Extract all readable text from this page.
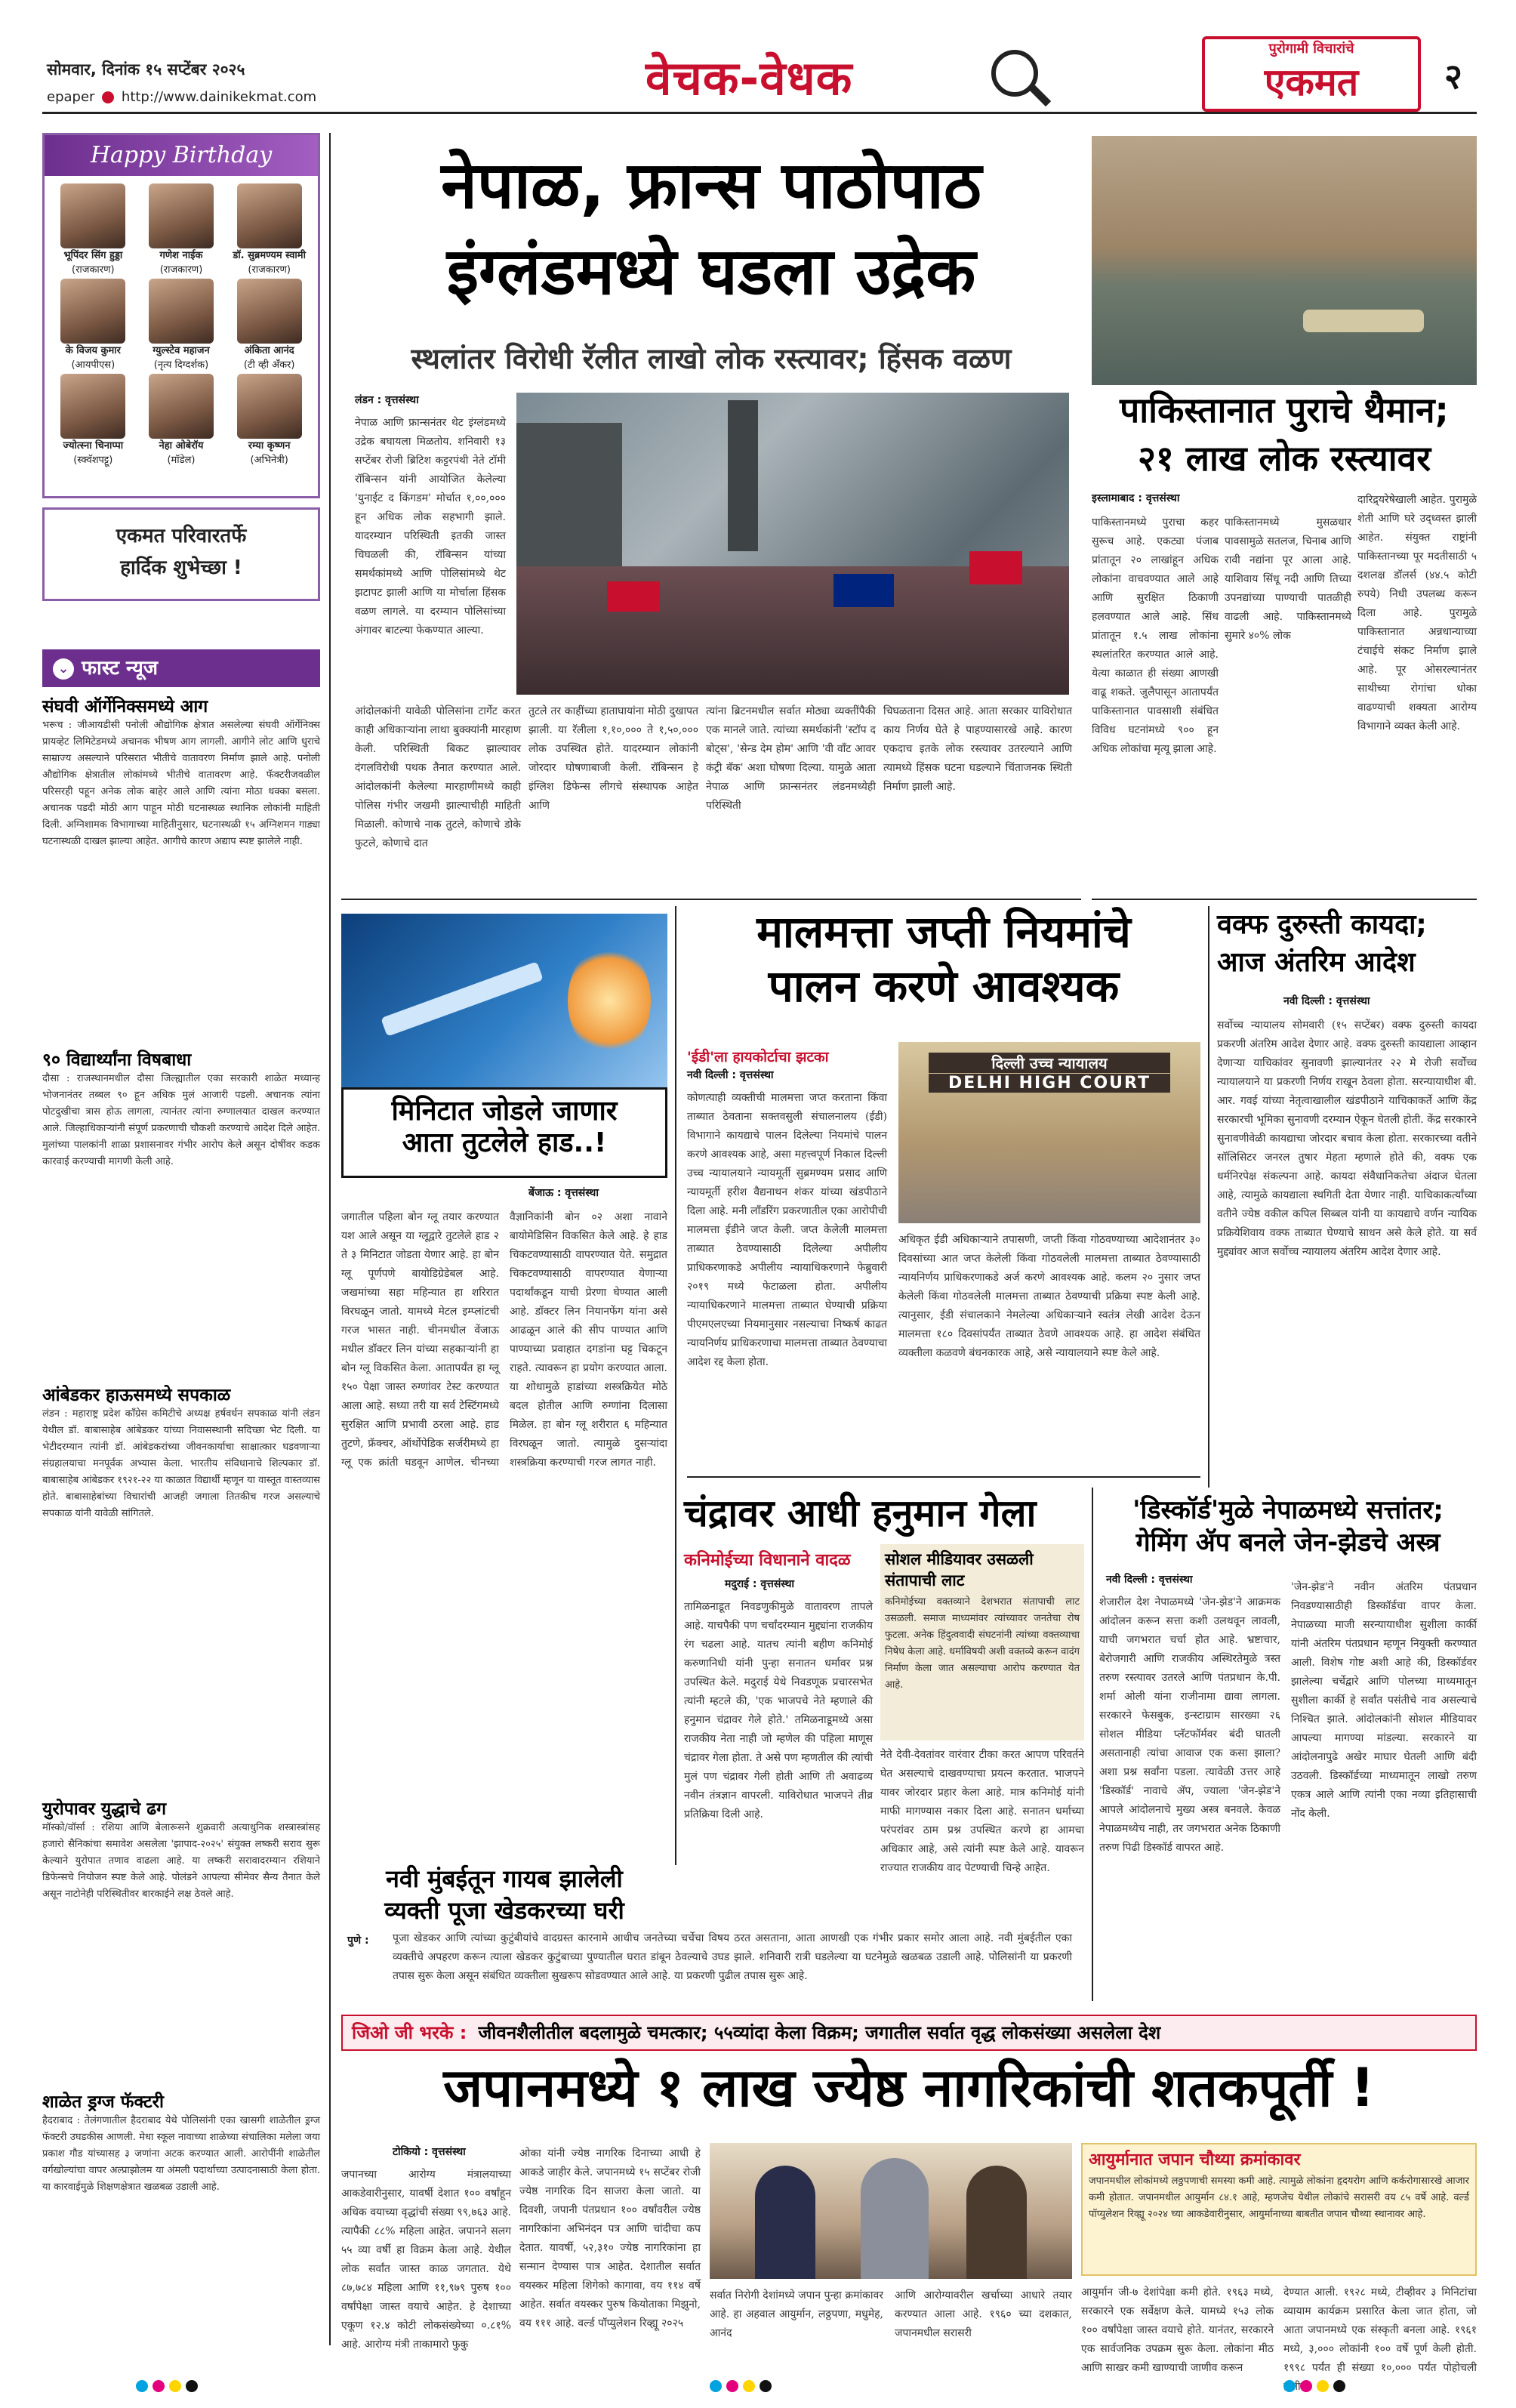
सोमवार, दिनांक १५ सप्टेंबर २०२५
epaper http://www.dainikekmat.com	वेचक-वेधक
पुरोगामी विचारांचे
एकमत	२
Happy Birthday
भूपिंदर सिंग हुड्डा
(राजकारण)
गणेश नाईक
(राजकारण)
डॉ. सुब्रमण्यम स्वामी
(राजकारण)
के विजय कुमार
(आयपीएस)
ग्युल्स्टेव महाजन
(नृत्य दिग्दर्शक)
अंकिता आनंद
(टी व्ही अँकर)
ज्योत्स्ना चिनाप्पा
(स्क्वॅशपट्टू)
नेहा ओबेरॉय
(मॉडेल)
रम्या कृष्णन
(अभिनेत्री)
एकमत परिवारतर्फे
हार्दिक शुभेच्छा !
⌄ फास्ट न्यूज
संघवी ऑर्गेनिक्समध्ये आग
भरूच : जीआयडीसी पनोली औद्योगिक क्षेत्रात असलेल्या संघवी ऑर्गेनिक्स प्रायव्हेट लिमिटेडमध्ये अचानक भीषण आग लागली. आगीने लोट आणि धुराचे साम्राज्य असल्याने परिसरात भीतीचे वातावरण निर्माण झाले आहे. पनोली औद्योगिक क्षेत्रातील लोकांमध्ये भीतीचे वातावरण आहे. फॅक्टरीजवळील परिसरही पहून अनेक लोक बाहेर आले आणि त्यांना मोठा धक्का बसला. अचानक पडदी मोठी आग पाहून मोठी घटनास्थळ स्थानिक लोकांनी माहिती दिली. अग्निशामक विभागाच्या माहितीनुसार, घटनास्थळी १५ अग्निशमन गाड्या घटनास्थळी दाखल झाल्या आहेत. आगीचे कारण अद्याप स्पष्ट झालेले नाही.
९० विद्यार्थ्यांना विषबाधा
दौसा : राजस्थानमधील दौसा जिल्ह्यातील एका सरकारी शाळेत मध्यान्ह भोजनानंतर तब्बल ९० हून अधिक मुलं आजारी पडली. अचानक त्यांना पोटदुखीचा त्रास होऊ लागला, त्यानंतर त्यांना रुग्णालयात दाखल करण्यात आले. जिल्हाधिकाऱ्यांनी संपूर्ण प्रकरणाची चौकशी करण्याचे आदेश दिले आहेत. मुलांच्या पालकांनी शाळा प्रशासनावर गंभीर आरोप केले असून दोषींवर कडक कारवाई करण्याची मागणी केली आहे.
आंबेडकर हाऊसमध्ये सपकाळ
लंडन : महाराष्ट्र प्रदेश काँग्रेस कमिटीचे अध्यक्ष हर्षवर्धन सपकाळ यांनी लंडन येथील डॉ. बाबासाहेब आंबेडकर यांच्या निवासस्थानी सदिच्छा भेट दिली. या भेटीदरम्यान त्यांनी डॉ. आंबेडकरांच्या जीवनकार्याचा साक्षात्कार घडवणाऱ्या संग्रहालयाचा मनपूर्वक अभ्यास केला. भारतीय संविधानाचे शिल्पकार डॉ. बाबासाहेब आंबेडकर १९२१-२२ या काळात विद्यार्थी म्हणून या वास्तूत वास्तव्यास होते. बाबासाहेबांच्या विचारांची आजही जगाला तितकीच गरज असल्याचे सपकाळ यांनी यावेळी सांगितले.
युरोपावर युद्धाचे ढग
मॉस्को/वॉर्सा : रशिया आणि बेलारूसने शुक्रवारी अत्याधुनिक शस्त्रास्त्रांसह हजारो सैनिकांचा समावेश असलेला 'झापाद-२०२५' संयुक्त लष्करी सराव सुरू केल्याने युरोपात तणाव वाढला आहे. या लष्करी सरावादरम्यान रशियाने डिफेन्सचे नियोजन स्पष्ट केले आहे. पोलंडने आपल्या सीमेवर सैन्य तैनात केले असून नाटोनेही परिस्थितीवर बारकाईने लक्ष ठेवले आहे.
शाळेत ड्रग्ज फॅक्टरी
हैदराबाद : तेलंगणातील हैदराबाद येथे पोलिसांनी एका खासगी शाळेतील ड्रग्ज फॅक्टरी उघडकीस आणली. मेधा स्कूल नावाच्या शाळेच्या संचालिका मलेला जया प्रकाश गौड यांच्यासह ३ जणांना अटक करण्यात आली. आरोपींनी शाळेतील वर्गखोल्यांचा वापर अल्प्राझोलम या अंमली पदार्थाच्या उत्पादनासाठी केला होता. या कारवाईमुळे शिक्षणक्षेत्रात खळबळ उडाली आहे.
नेपाळ, फ्रान्स पाठोपाठ
इंग्लंडमध्ये घडला उद्रेक
स्थलांतर विरोधी रॅलीत लाखो लोक रस्त्यावर; हिंसक वळण
लंडन : वृत्तसंस्था
नेपाळ आणि फ्रान्सनंतर थेट इंग्लंडमध्ये उद्रेक बघायला मिळतोय. शनिवारी १३ सप्टेंबर रोजी ब्रिटिश कट्टरपंथी नेते टॉमी रॉबिन्सन यांनी आयोजित केलेल्या 'युनाईट द किंगडम' मोर्चात १,००,००० हून अधिक लोक सहभागी झाले. यादरम्यान परिस्थिती इतकी जास्त चिघळली की, रॉबिन्सन यांच्या समर्थकांमध्ये आणि पोलिसांमध्ये थेट झटापट झाली आणि या मोर्चाला हिंसक वळण लागले. या दरम्यान पोलिसांच्या अंगावर बाटल्या फेकण्यात आल्या.
आंदोलकांनी यावेळी पोलिसांना टार्गेट करत काही अधिकाऱ्यांना लाथा बुक्क्यांनी मारहाण केली. परिस्थिती बिकट झाल्यावर दंगलविरोधी पथक तैनात करण्यात आले. आंदोलकांनी केलेल्या मारहाणीमध्ये काही पोलिस गंभीर जखमी झाल्याचीही माहिती मिळाली. कोणाचे नाक तुटले, कोणाचे डोके फुटले, कोणाचे दात
तुटले तर काहींच्या हाताघायांना मोठी दुखापत झाली. या रॅलीला १,१०,००० ते १,५०,००० लोक उपस्थित होते. यादरम्यान लोकांनी जोरदार घोषणाबाजी केली. रॉबिन्सन हे इंग्लिश डिफेन्स लीगचे संस्थापक आहेत आणि
त्यांना ब्रिटनमधील सर्वात मोठ्या व्यक्तींपैकी एक मानले जाते. त्यांच्या समर्थकांनी 'स्टॉप द बोट्स', 'सेन्ड देम होम' आणि 'वी वॉंट आवर कंट्री बॅक' अशा घोषणा दिल्या. यामुळे आता नेपाळ आणि फ्रान्सनंतर लंडनमध्येही परिस्थिती
चिघळताना दिसत आहे. आता सरकार याविरोधात काय निर्णय घेते हे पाहण्यासारखे आहे. कारण एकदाच इतके लोक रस्त्यावर उतरल्याने आणि त्यामध्ये हिंसक घटना घडल्याने चिंताजनक स्थिती निर्माण झाली आहे.
पाकिस्तानात पुराचे थैमान;
२१ लाख लोक रस्त्यावर
इस्लामाबाद : वृत्तसंस्था
पाकिस्तानमध्ये पुराचा कहर सुरूच आहे. एकट्या पंजाब प्रांतातून २० लाखांहून अधिक लोकांना वाचवण्यात आले आहे आणि सुरक्षित ठिकाणी हलवण्यात आले आहे. सिंध प्रांतातून १.५ लाख लोकांना स्थलांतरित करण्यात आले आहे. येत्या काळात ही संख्या आणखी वाढू शकते. जुलैपासून आतापर्यंत पाकिस्तानात पावसाशी संबंधित विविध घटनांमध्ये ९०० हून अधिक लोकांचा मृत्यू झाला आहे.
पाकिस्तानमध्ये मुसळधार पावसामुळे सतलज, चिनाब आणि रावी नद्यांना पूर आला आहे. याशिवाय सिंधू नदी आणि तिच्या उपनद्यांच्या पाण्याची पातळीही वाढली आहे. पाकिस्तानमध्ये सुमारे ४०% लोक
दारिद्र्यरेषेखाली आहेत. पुरामुळे शेती आणि घरे उद्ध्वस्त झाली आहेत. संयुक्त राष्ट्रांनी पाकिस्तानच्या पूर मदतीसाठी ५ दशलक्ष डॉलर्स (४४.५ कोटी रुपये) निधी उपलब्ध करून दिला आहे. पुरामुळे पाकिस्तानात अन्नधान्याच्या टंचाईचे संकट निर्माण झाले आहे. पूर ओसरल्यानंतर साथीच्या रोगांचा धोका वाढण्याची शक्यता आरोग्य विभागाने व्यक्त केली आहे.
मिनिटात जोडले जाणार
आता तुटलेले हाड..!
बेंजाऊ : वृत्तसंस्था
जगातील पहिला बोन ग्लू तयार करण्यात यश आले असून या ग्लूद्वारे तुटलेले हाड २ ते ३ मिनिटात जोडता येणार आहे. हा बोन ग्लू पूर्णपणे बायोडिग्रेडेबल आहे. जखमांच्या सहा महिन्यात हा शरिरात विरघळून जातो. यामध्ये मेटल इम्प्लांटची गरज भासत नाही. चीनमधील वेंजाऊ मधील डॉक्टर लिन यांच्या सहकाऱ्यांनी हा बोन ग्लू विकसित केला. आतापर्यंत हा ग्लू १५० पेक्षा जास्त रुग्णांवर टेस्ट करण्यात आला आहे. सध्या तरी या सर्व टेस्टिंगमध्ये सुरक्षित आणि प्रभावी ठरला आहे. हाड तुटणे, फ्रॅक्चर, ऑर्थोपेडिक सर्जरीमध्ये हा ग्लू एक क्रांती घडवून आणेल. चीनच्या वैज्ञानिकांनी बोन ०२ अशा नावाने बायोमेडिसिन विकसित केले आहे. हे हाड चिकटवण्यासाठी वापरण्यात येते. समुद्रात चिकटवण्यासाठी वापरण्यात येणाऱ्या पदार्थांकडून याची प्रेरणा घेण्यात आली आहे. डॉक्टर लिन नियानफेंग यांना असे आढळून आले की सीप पाण्यात आणि पाण्याच्या प्रवाहात दगडांना घट्ट चिकटून राहते. त्यावरून हा प्रयोग करण्यात आला. या शोधामुळे हाडांच्या शस्त्रक्रियेत मोठे बदल होतील आणि रुग्णांना दिलासा मिळेल. हा बोन ग्लू शरीरात ६ महिन्यात विरघळून जातो. त्यामुळे दुसऱ्यांदा शस्त्रक्रिया करण्याची गरज लागत नाही.
नवी मुंबईतून गायब झालेली
व्यक्ती पूजा खेडकरच्या घरी
पुणे : पूजा खेडकर आणि त्यांच्या कुटुंबीयांचे वादग्रस्त कारनामे आधीच जनतेच्या चर्चेचा विषय ठरत असताना, आता आणखी एक गंभीर प्रकार समोर आला आहे. नवी मुंबईतील एका व्यक्तीचे अपहरण करून त्याला खेडकर कुटुंबाच्या पुण्यातील घरात डांबून ठेवल्याचे उघड झाले. शनिवारी रात्री घडलेल्या या घटनेमुळे खळबळ उडाली आहे. पोलिसांनी या प्रकरणी तपास सुरू केला असून संबंधित व्यक्तीला सुखरूप सोडवण्यात आले आहे. या प्रकरणी पुढील तपास सुरू आहे.
मालमत्ता जप्ती नियमांचे
पालन करणे आवश्यक
'ईडी'ला हायकोर्टाचा झटका
नवी दिल्ली : वृत्तसंस्था
दिल्ली उच्च न्यायालय
DELHI HIGH COURT
कोणत्याही व्यक्तीची मालमत्ता जप्त करताना किंवा ताब्यात ठेवताना सक्तवसुली संचालनालय (ईडी) विभागाने कायद्याचे पालन दिलेल्या नियमांचे पालन करणे आवश्यक आहे, असा महत्त्वपूर्ण निकाल दिल्ली उच्च न्यायालयाने न्यायमूर्ती सुब्रमण्यम प्रसाद आणि न्यायमूर्ती हरीश वैद्यनाथन शंकर यांच्या खंडपीठाने दिला आहे. मनी लाँडरिंग प्रकरणातील एका आरोपीची मालमत्ता ईडीने जप्त केली. जप्त केलेली मालमत्ता ताब्यात ठेवण्यासाठी दिलेल्या अपीलीय प्राधिकरणाकडे अपीलीय न्यायाधिकरणाने फेब्रुवारी २०१९ मध्ये फेटाळला होता. अपीलीय न्यायाधिकरणाने मालमत्ता ताब्यात घेण्याची प्रक्रिया पीएमएलएच्या नियमानुसार नसल्याचा निष्कर्ष काढत न्यायनिर्णय प्राधिकरणाचा मालमत्ता ताब्यात ठेवण्याचा आदेश रद्द केला होता.
अधिकृत ईडी अधिकाऱ्याने तपासणी, जप्ती किंवा गोठवण्याच्या आदेशानंतर ३० दिवसांच्या आत जप्त केलेली किंवा गोठवलेली मालमत्ता ताब्यात ठेवण्यासाठी न्यायनिर्णय प्राधिकरणाकडे अर्ज करणे आवश्यक आहे. कलम २० नुसार जप्त केलेली किंवा गोठवलेली मालमत्ता ताब्यात ठेवण्याची प्रक्रिया स्पष्ट केली आहे. त्यानुसार, ईडी संचालकाने नेमलेल्या अधिकाऱ्याने स्वतंत्र लेखी आदेश देऊन मालमत्ता १८० दिवसांपर्यंत ताब्यात ठेवणे आवश्यक आहे. हा आदेश संबंधित व्यक्तीला कळवणे बंधनकारक आहे, असे न्यायालयाने स्पष्ट केले आहे.
वक्फ दुरुस्ती कायदा;
आज अंतरिम आदेश
नवी दिल्ली : वृत्तसंस्था
सर्वोच्च न्यायालय सोमवारी (१५ सप्टेंबर) वक्फ दुरुस्ती कायदा प्रकरणी अंतरिम आदेश देणार आहे. वक्फ दुरुस्ती कायद्याला आव्हान देणाऱ्या याचिकांवर सुनावणी झाल्यानंतर २२ मे रोजी सर्वोच्च न्यायालयाने या प्रकरणी निर्णय राखून ठेवला होता. सरन्यायाधीश बी. आर. गवई यांच्या नेतृत्वाखालील खंडपीठाने याचिकाकर्ते आणि केंद्र सरकारची भूमिका सुनावणी दरम्यान ऐकून घेतली होती. केंद्र सरकारने सुनावणीवेळी कायद्याचा जोरदार बचाव केला होता. सरकारच्या वतीने सॉलिसिटर जनरल तुषार मेहता म्हणाले होते की, वक्फ एक धर्मनिरपेक्ष संकल्पना आहे. कायदा संवैधानिकतेचा अंदाज घेतला आहे, त्यामुळे कायद्याला स्थगिती देता येणार नाही. याचिकाकर्त्यांच्या वतीने ज्येष्ठ वकील कपिल सिब्बल यांनी या कायद्याचे वर्णन न्यायिक प्रक्रियेशिवाय वक्फ ताब्यात घेण्याचे साधन असे केले होते. या सर्व मुद्द्यांवर आज सर्वोच्च न्यायालय अंतरिम आदेश देणार आहे.
चंद्रावर आधी हनुमान गेला
कनिमोईच्या विधानाने वादळ
मदुराई : वृत्तसंस्था
तामिळनाडूत निवडणुकीमुळे वातावरण तापले आहे. याचपैकी पण चर्चांदरम्यान मुद्द्यांना राजकीय रंग चढला आहे. यातच त्यांनी बहीण कनिमोई करुणानिधी यांनी पुन्हा सनातन धर्मावर प्रश्न उपस्थित केले. मदुराई येथे निवडणूक प्रचारसभेत त्यांनी म्हटले की, 'एक भाजपचे नेते म्हणाले की हनुमान चंद्रावर गेले होते.' तमिळनाडूमध्ये असा राजकीय नेता नाही जो म्हणेल की पहिला माणूस चंद्रावर गेला होता. ते असे पण म्हणतील की त्यांची मुलं पण चंद्रावर गेली होती आणि ती अवाढव्य नवीन तंत्रज्ञान वापरली. याविरोधात भाजपने तीव्र प्रतिक्रिया दिली आहे.
सोशल मीडियावर उसळली संतापाची लाट
कनिमोईच्या वक्तव्याने देशभरात संतापाची लाट उसळली. समाज माध्यमांवर त्यांच्यावर जनतेचा रोष फुटला. अनेक हिंदुत्ववादी संघटनांनी त्यांच्या वक्तव्याचा निषेध केला आहे. धर्माविषयी अशी वक्तव्ये करून वादंग निर्माण केला जात असल्याचा आरोप करण्यात येत आहे.
नेते देवी-देवतांवर वारंवार टीका करत आपण परिवर्तने घेत असल्याचे दाखवण्याचा प्रयत्न करतात. भाजपने यावर जोरदार प्रहार केला आहे. मात्र कनिमोई यांनी माफी मागण्यास नकार दिला आहे. सनातन धर्माच्या परंपरांवर ठाम प्रश्न उपस्थित करणे हा आमचा अधिकार आहे, असे त्यांनी स्पष्ट केले आहे. यावरून राज्यात राजकीय वाद पेटण्याची चिन्हे आहेत.
'डिस्कॉर्ड'मुळे नेपाळमध्ये सत्तांतर;
गेमिंग ॲप बनले जेन-झेडचे अस्त्र
नवी दिल्ली : वृत्तसंस्था
शेजारील देश नेपाळमध्ये 'जेन-झेड'ने आक्रमक आंदोलन करून सत्ता कशी उलथवून लावली, याची जगभरात चर्चा होत आहे. भ्रष्टाचार, बेरोजगारी आणि राजकीय अस्थिरतेमुळे त्रस्त तरुण रस्त्यावर उतरले आणि पंतप्रधान के.पी. शर्मा ओली यांना राजीनामा द्यावा लागला. सरकारने फेसबुक, इन्स्टाग्राम सारख्या २६ सोशल मीडिया प्लॅटफॉर्मवर बंदी घातली असतानाही त्यांचा आवाज एक कसा झाला? अशा प्रश्न सर्वांना पडला. त्यावेळी उत्तर आहे 'डिस्कॉर्ड' नावाचे ॲप, ज्याला 'जेन-झेड'ने आपले आंदोलनाचे मुख्य अस्त्र बनवले. केवळ नेपाळमध्येच नाही, तर जगभरात अनेक ठिकाणी तरुण पिढी डिस्कॉर्ड वापरत आहे.
'जेन-झेड'ने नवीन अंतरिम पंतप्रधान निवडण्यासाठीही डिस्कॉर्डचा वापर केला. नेपाळच्या माजी सरन्यायाधीश सुशीला कार्की यांनी अंतरिम पंतप्रधान म्हणून नियुक्ती करण्यात आली. विशेष गोष्ट अशी आहे की, डिस्कॉर्डवर झालेल्या चर्चेद्वारे आणि पोलच्या माध्यमातून सुशीला कार्की हे सर्वांत पसंतीचे नाव असल्याचे निश्चित झाले. आंदोलकांनी सोशल मीडियावर आपल्या मागण्या मांडल्या. सरकारने या आंदोलनापुढे अखेर माघार घेतली आणि बंदी उठवली. डिस्कॉर्डच्या माध्यमातून लाखो तरुण एकत्र आले आणि त्यांनी एका नव्या इतिहासाची नोंद केली.
जिओ जी भरके : जीवनशैलीतील बदलामुळे चमत्कार; ५५व्यांदा केला विक्रम; जगातील सर्वात वृद्ध लोकसंख्या असलेला देश
जपानमध्ये १ लाख ज्येष्ठ नागरिकांची शतकपूर्ती !
टोकियो : वृत्तसंस्था
जपानच्या आरोग्य मंत्रालयाच्या आकडेवारीनुसार, यावर्षी देशात १०० वर्षांहून अधिक वयाच्या वृद्धांची संख्या ९९,७६३ आहे. त्यापैकी ८८% महिला आहेत. जपानने सलग ५५ व्या वर्षी हा विक्रम केला आहे. येथील लोक सर्वांत जास्त काळ जगतात. येथे ८७,७८४ महिला आणि ११,९७९ पुरुष १०० वर्षांपेक्षा जास्त वयाचे आहेत. हे देशाच्या एकूण १२.४ कोटी लोकसंख्येच्या ०.८१% आहे. आरोग्य मंत्री ताकामारो फुकु
ओका यांनी ज्येष्ठ नागरिक दिनाच्या आधी हे आकडे जाहीर केले. जपानमध्ये १५ सप्टेंबर रोजी ज्येष्ठ नागरिक दिन साजरा केला जातो. या दिवशी, जपानी पंतप्रधान १०० वर्षांवरील ज्येष्ठ नागरिकांना अभिनंदन पत्र आणि चांदीचा कप देतात. यावर्षी, ५२,३१० ज्येष्ठ नागरिकांना हा सन्मान देण्यास पात्र आहेत. देशातील सर्वात वयस्कर महिला शिगेको कागावा, वय ११४ वर्षे आहेत. सर्वात वयस्कर पुरुष कियोताका मिझुनो, वय १११ आहे. वर्ल्ड पॉप्युलेशन रिव्ह्यू २०२५
सर्वात निरोगी देशांमध्ये जपान पुन्हा क्रमांकावर आहे. हा अहवाल आयुर्मान, लठ्ठपणा, मधुमेह, आनंद
आणि आरोग्यावरील खर्चाच्या आधारे तयार करण्यात आला आहे. १९६० च्या दशकात, जपानमधील सरासरी
आयुर्मानात जपान चौथ्या क्रमांकावर
जपानमधील लोकांमध्ये लठ्ठपणाची समस्या कमी आहे. त्यामुळे लोकांना हृदयरोग आणि कर्करोगासारखे आजार कमी होतात. जपानमधील आयुर्मान ८४.१ आहे, म्हणजेच येथील लोकांचे सरासरी वय ८५ वर्षे आहे. वर्ल्ड पॉप्युलेशन रिव्ह्यू २०२४ च्या आकडेवारीनुसार, आयुर्मानाच्या बाबतीत जपान चौथ्या स्थानावर आहे.
आयुर्मान जी-७ देशांपेक्षा कमी होते. १९६३ मध्ये, सरकारने एक सर्वेक्षण केले. यामध्ये १५३ लोक १०० वर्षांपेक्षा जास्त वयाचे होते. यानंतर, सरकारने एक सार्वजनिक उपक्रम सुरू केला. लोकांना मीठ आणि साखर कमी खाण्याची जाणीव करून
देण्यात आली. १९२८ मध्ये, टीव्हीवर ३ मिनिटांचा व्यायाम कार्यक्रम प्रसारित केला जात होता, जो आता जपानमध्ये एक संस्कृती बनला आहे. १९६१ मध्ये, ३,००० लोकांनी १०० वर्षे पूर्ण केली होती. १९९८ पर्यंत ही संख्या १०,००० पर्यंत पोहोचली
